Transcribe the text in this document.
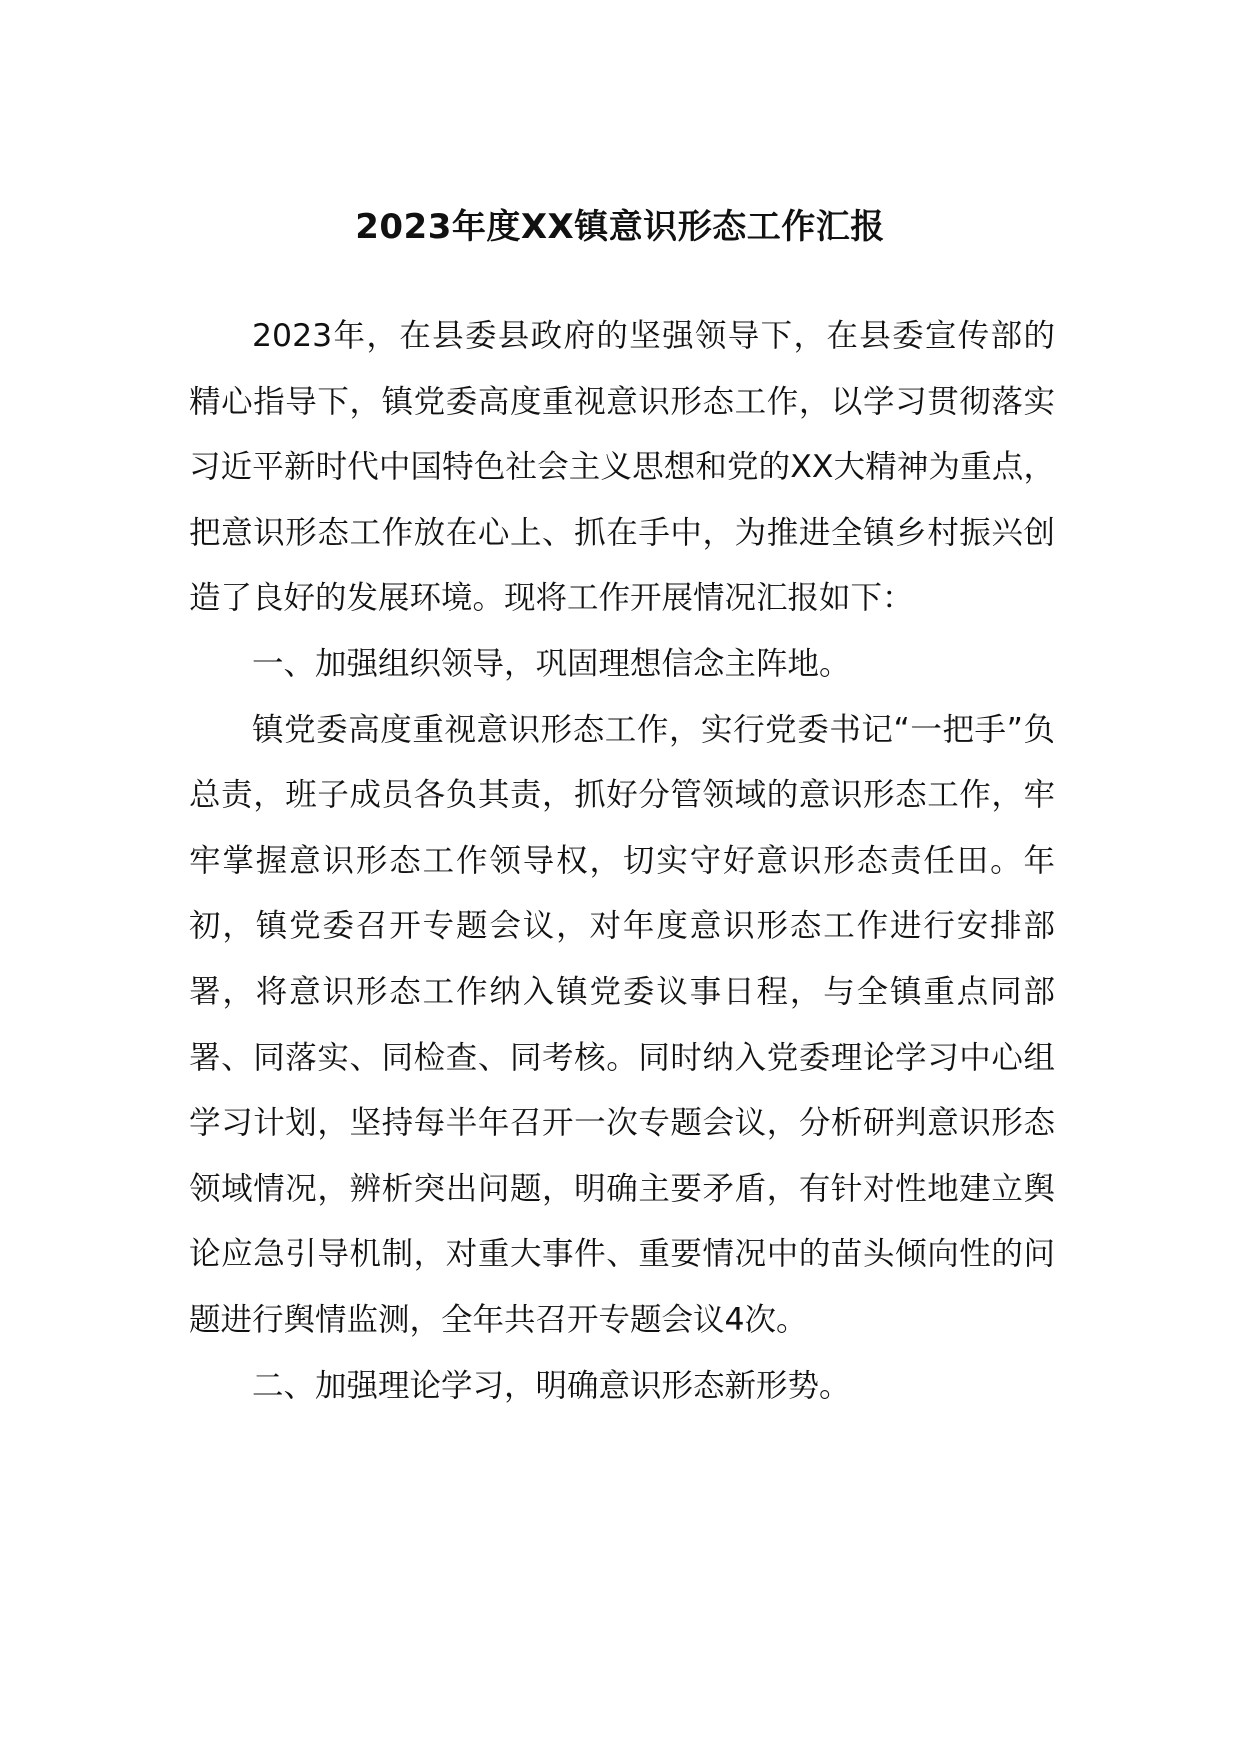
2023年度XX镇意识形态工作汇报

2023年，在县委县政府的坚强领导下，在县委宣传部的精心指导下，镇党委高度重视意识形态工作，以学习贯彻落实习近平新时代中国特色社会主义思想和党的XX大精神为重点，把意识形态工作放在心上、抓在手中，为推进全镇乡村振兴创造了良好的发展环境。现将工作开展情况汇报如下：

一、加强组织领导，巩固理想信念主阵地。

镇党委高度重视意识形态工作，实行党委书记“一把手”负总责，班子成员各负其责，抓好分管领域的意识形态工作，牢牢掌握意识形态工作领导权，切实守好意识形态责任田。年初，镇党委召开专题会议，对年度意识形态工作进行安排部署，将意识形态工作纳入镇党委议事日程，与全镇重点同部署、同落实、同检查、同考核。同时纳入党委理论学习中心组学习计划，坚持每半年召开一次专题会议，分析研判意识形态领域情况，辨析突出问题，明确主要矛盾，有针对性地建立舆论应急引导机制，对重大事件、重要情况中的苗头倾向性的问题进行舆情监测，全年共召开专题会议4次。

二、加强理论学习，明确意识形态新形势。
